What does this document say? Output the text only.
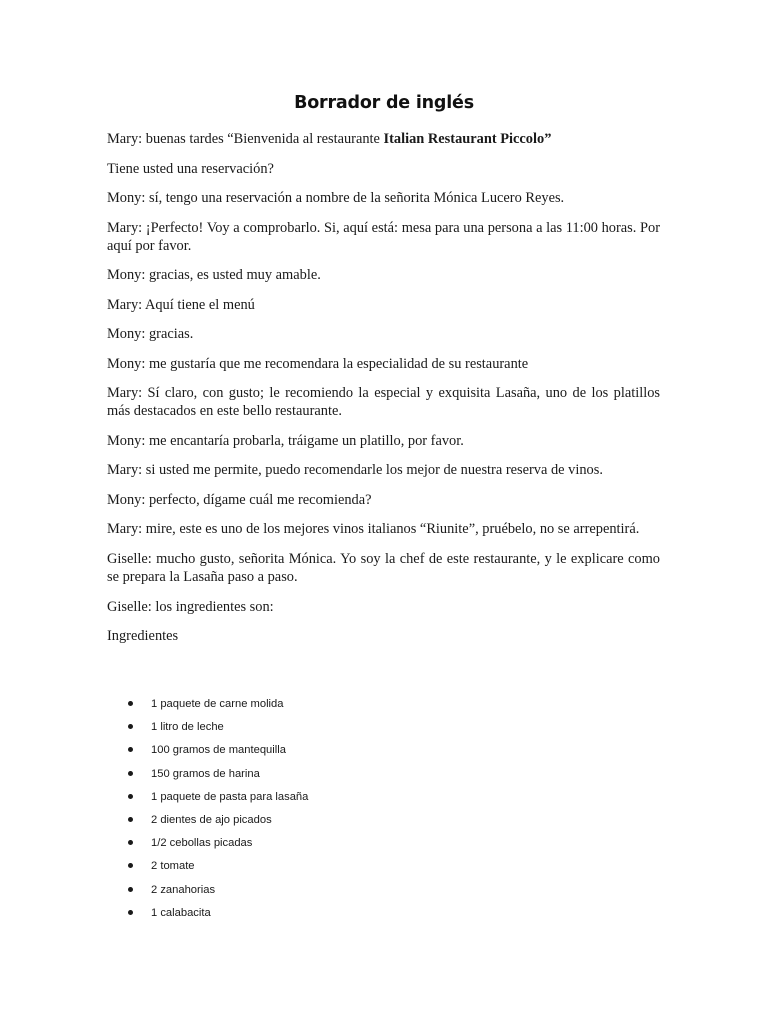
Borrador de inglés

Mary: buenas tardes “Bienvenida al restaurante Italian Restaurant Piccolo”

Tiene usted una reservación?

Mony: sí, tengo una reservación a nombre de la señorita Mónica Lucero Reyes.

Mary: ¡Perfecto! Voy a comprobarlo. Si, aquí está: mesa para una persona a las 11:00 horas. Por aquí por favor.

Mony: gracias, es usted muy amable.

Mary: Aquí tiene el menú

Mony: gracias.

Mony: me gustaría que me recomendara la especialidad de su restaurante

Mary: Sí claro, con gusto; le recomiendo la especial y exquisita Lasaña, uno de los platillos más destacados en este bello restaurante.

Mony: me encantaría probarla, tráigame un platillo, por favor.

Mary: si usted me permite, puedo recomendarle los mejor de nuestra reserva de vinos.

Mony: perfecto, dígame cuál me recomienda?

Mary: mire, este es uno de los mejores vinos italianos “Riunite”, pruébelo, no se arrepentirá.

Giselle: mucho gusto, señorita Mónica. Yo soy la chef de este restaurante, y le explicare como se prepara la Lasaña paso a paso.

Giselle: los ingredientes son:

Ingredientes

1 paquete de carne molida
1 litro de leche
100 gramos de mantequilla
150 gramos de harina
1 paquete de pasta para lasaña
2 dientes de ajo picados
1/2 cebollas picadas
2 tomate
2 zanahorias
1 calabacita
